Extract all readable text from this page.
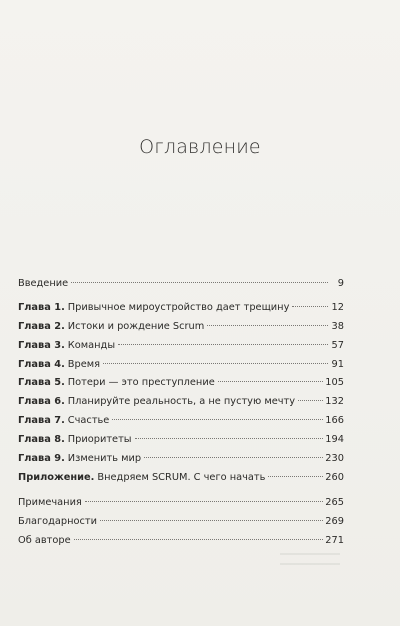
Оглавление
Введение	9
Глава 1. Привычное мироустройство дает трещину	12
Глава 2. Истоки и рождение Scrum	38
Глава 3. Команды	57
Глава 4. Время	91
Глава 5. Потери — это преступление	105
Глава 6. Планируйте реальность, а не пустую мечту	132
Глава 7. Счастье	166
Глава 8. Приоритеты	194
Глава 9. Изменить мир	230
Приложение. Внедряем SCRUM. С чего начать	260
Примечания	265
Благодарности	269
Об авторе	271
